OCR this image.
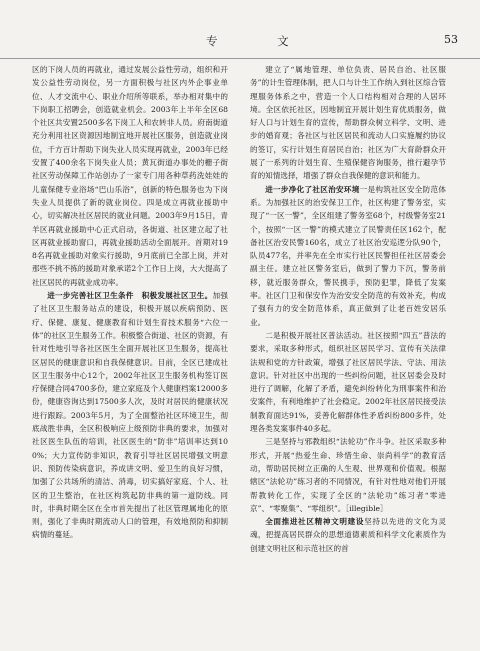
专 文	53

区的下岗人员的再就业，通过发展公益性劳动，组织和开发公益性劳动岗位，另一方面积极与社区内外企事业单位、人才交流中心、职业介绍所等联系，举办相对集中的下岗职工招聘会，创造就业机会。2003年上半年全区68个社区共安置2500多名下岗工人和农转非人员。府南街道充分利用社区资源因地制宜地开展社区服务，创造就业岗位，千方百计帮助下岗失业人员实现再就业，2003年已经安置了400余名下岗失业人员；黄瓦街道办事处的栅子街社区劳动保障工作站创办了一家专门用各种草药洗娃娃的儿童保健专业浴场“巴山乐浴”，创新的特色服务也为下岗失业人员提供了新的就业岗位。四是成立再就业援助中心，切实解决社区居民的就业问题。2003年9月15日，青羊区再就业援助中心正式启动，各街道、社区建立起了社区再就业援助窗口，再就业援助活动全面展开。首期对198名再就业援助对象实行援助，9月底前已全部上岗，并对那些不挑不拣的援助对象承诺2个工作日上岗，大大提高了社区居民的再就业成功率。

进一步完善社区卫生条件　积极发展社区卫生。加强了社区卫生服务站点的建设，积极开展以疾病预防、医疗、保健、康复、健康教育和计划生育技术服务“六位一体”的社区卫生服务工作。积极整合街道、社区的资源，有针对性地引导各社区医生全面开展社区卫生服务，提高社区居民的健康意识和自我保健意识。目前，全区已建成社区卫生服务中心12个，2002年社区卫生服务机构签订医疗保健合同4700多份，建立家庭及个人健康档案12000多份，健康咨询达到17500多人次，及时对居民的健康状况进行跟踪。2003年5月，为了全面整治社区环境卫生，彻底战胜非典，全区积极响应上级预防非典的要求，加强对社区医生队伍的培训，社区医生的“防非”培训率达到100%；大力宣传防非知识，教育引导社区居民增强文明意识、预防传染病意识，养成讲文明、爱卫生的良好习惯，加强了公共场所的清洁、消毒，切实搞好家庭、个人、社区的卫生整治，在社区构筑起防非典的第一道防线。同时，非典时期全区在全市首先提出了社区管理属地化的原则，强化了非典时期流动人口的管理，有效地预防和抑制病情的蔓延。

建立了“属地管理、单位负责、居民自治、社区服务”的计生管理体制，把人口与计生工作纳入到社区综合管理服务体系之中，营造一个人口结构相对合理的人居环境。全区依托社区，因地制宜开展计划生育优质服务，做好人口与计划生育的宣传，帮助群众树立科学、文明、进步的婚育观；各社区与社区居民和流动人口实施履约协议的签订，实行计划生育居民自治；社区为广大育龄群众开展了一系列的计划生育、生殖保健咨询服务，推行避孕节育的知情选择，增强了群众自我保健的意识和能力。

进一步净化了社区治安环境一是构筑社区安全防范体系。为加强社区的治安保卫工作，社区构建了警务室，实现了“一区一警”，全区组建了警务室68个，村级警务室21个，按照“一区一警”的模式建立了民警责任区162个，配备社区治安民警160名，成立了社区治安巡逻分队90个，队员477名，并率先在全市实行社区民警担任社区居委会副主任。建立社区警务室后，做到了警力下沉，警务前移，就近服务群众，警民携手，预防犯罪，降低了发案率。社区门卫和保安作为治安安全防范的有效补充，构成了强有力的安全防范体系，真正做到了让老百姓安居乐业。

二是积极开展社区普法活动。社区按照“四五”普法的要求，采取多种形式，组织社区居民学习、宣传有关法律法规和党的方针政策，增强了社区居民学法、守法、用法意识。针对社区中出现的一些纠纷问题，社区居委会及时进行了调解，化解了矛盾，避免纠纷转化为刑事案件和治安案件，有利地维护了社会稳定。2002年社区居民接受法制教育面达91%，妥善化解群体性矛盾纠纷800多件，处理各类发案事件40多起。

三是坚持与邪教组织“法轮功”作斗争。社区采取多种形式，开展“热爱生命、珍惜生命、崇尚科学”的教育活动，帮助居民树立正确的人生观、世界观和价值观。根据辖区“法轮功”练习者的不同情况，有针对性地对他们开展帮教转化工作，实现了全区的“法轮功”练习者“零进京”、“零聚集”、“零组织”。［illegible］

全面推进社区精神文明建设坚持以先进的文化为灵魂，把提高居民群众的思想道德素质和科学文化素质作为创建文明社区和示范社区的首
